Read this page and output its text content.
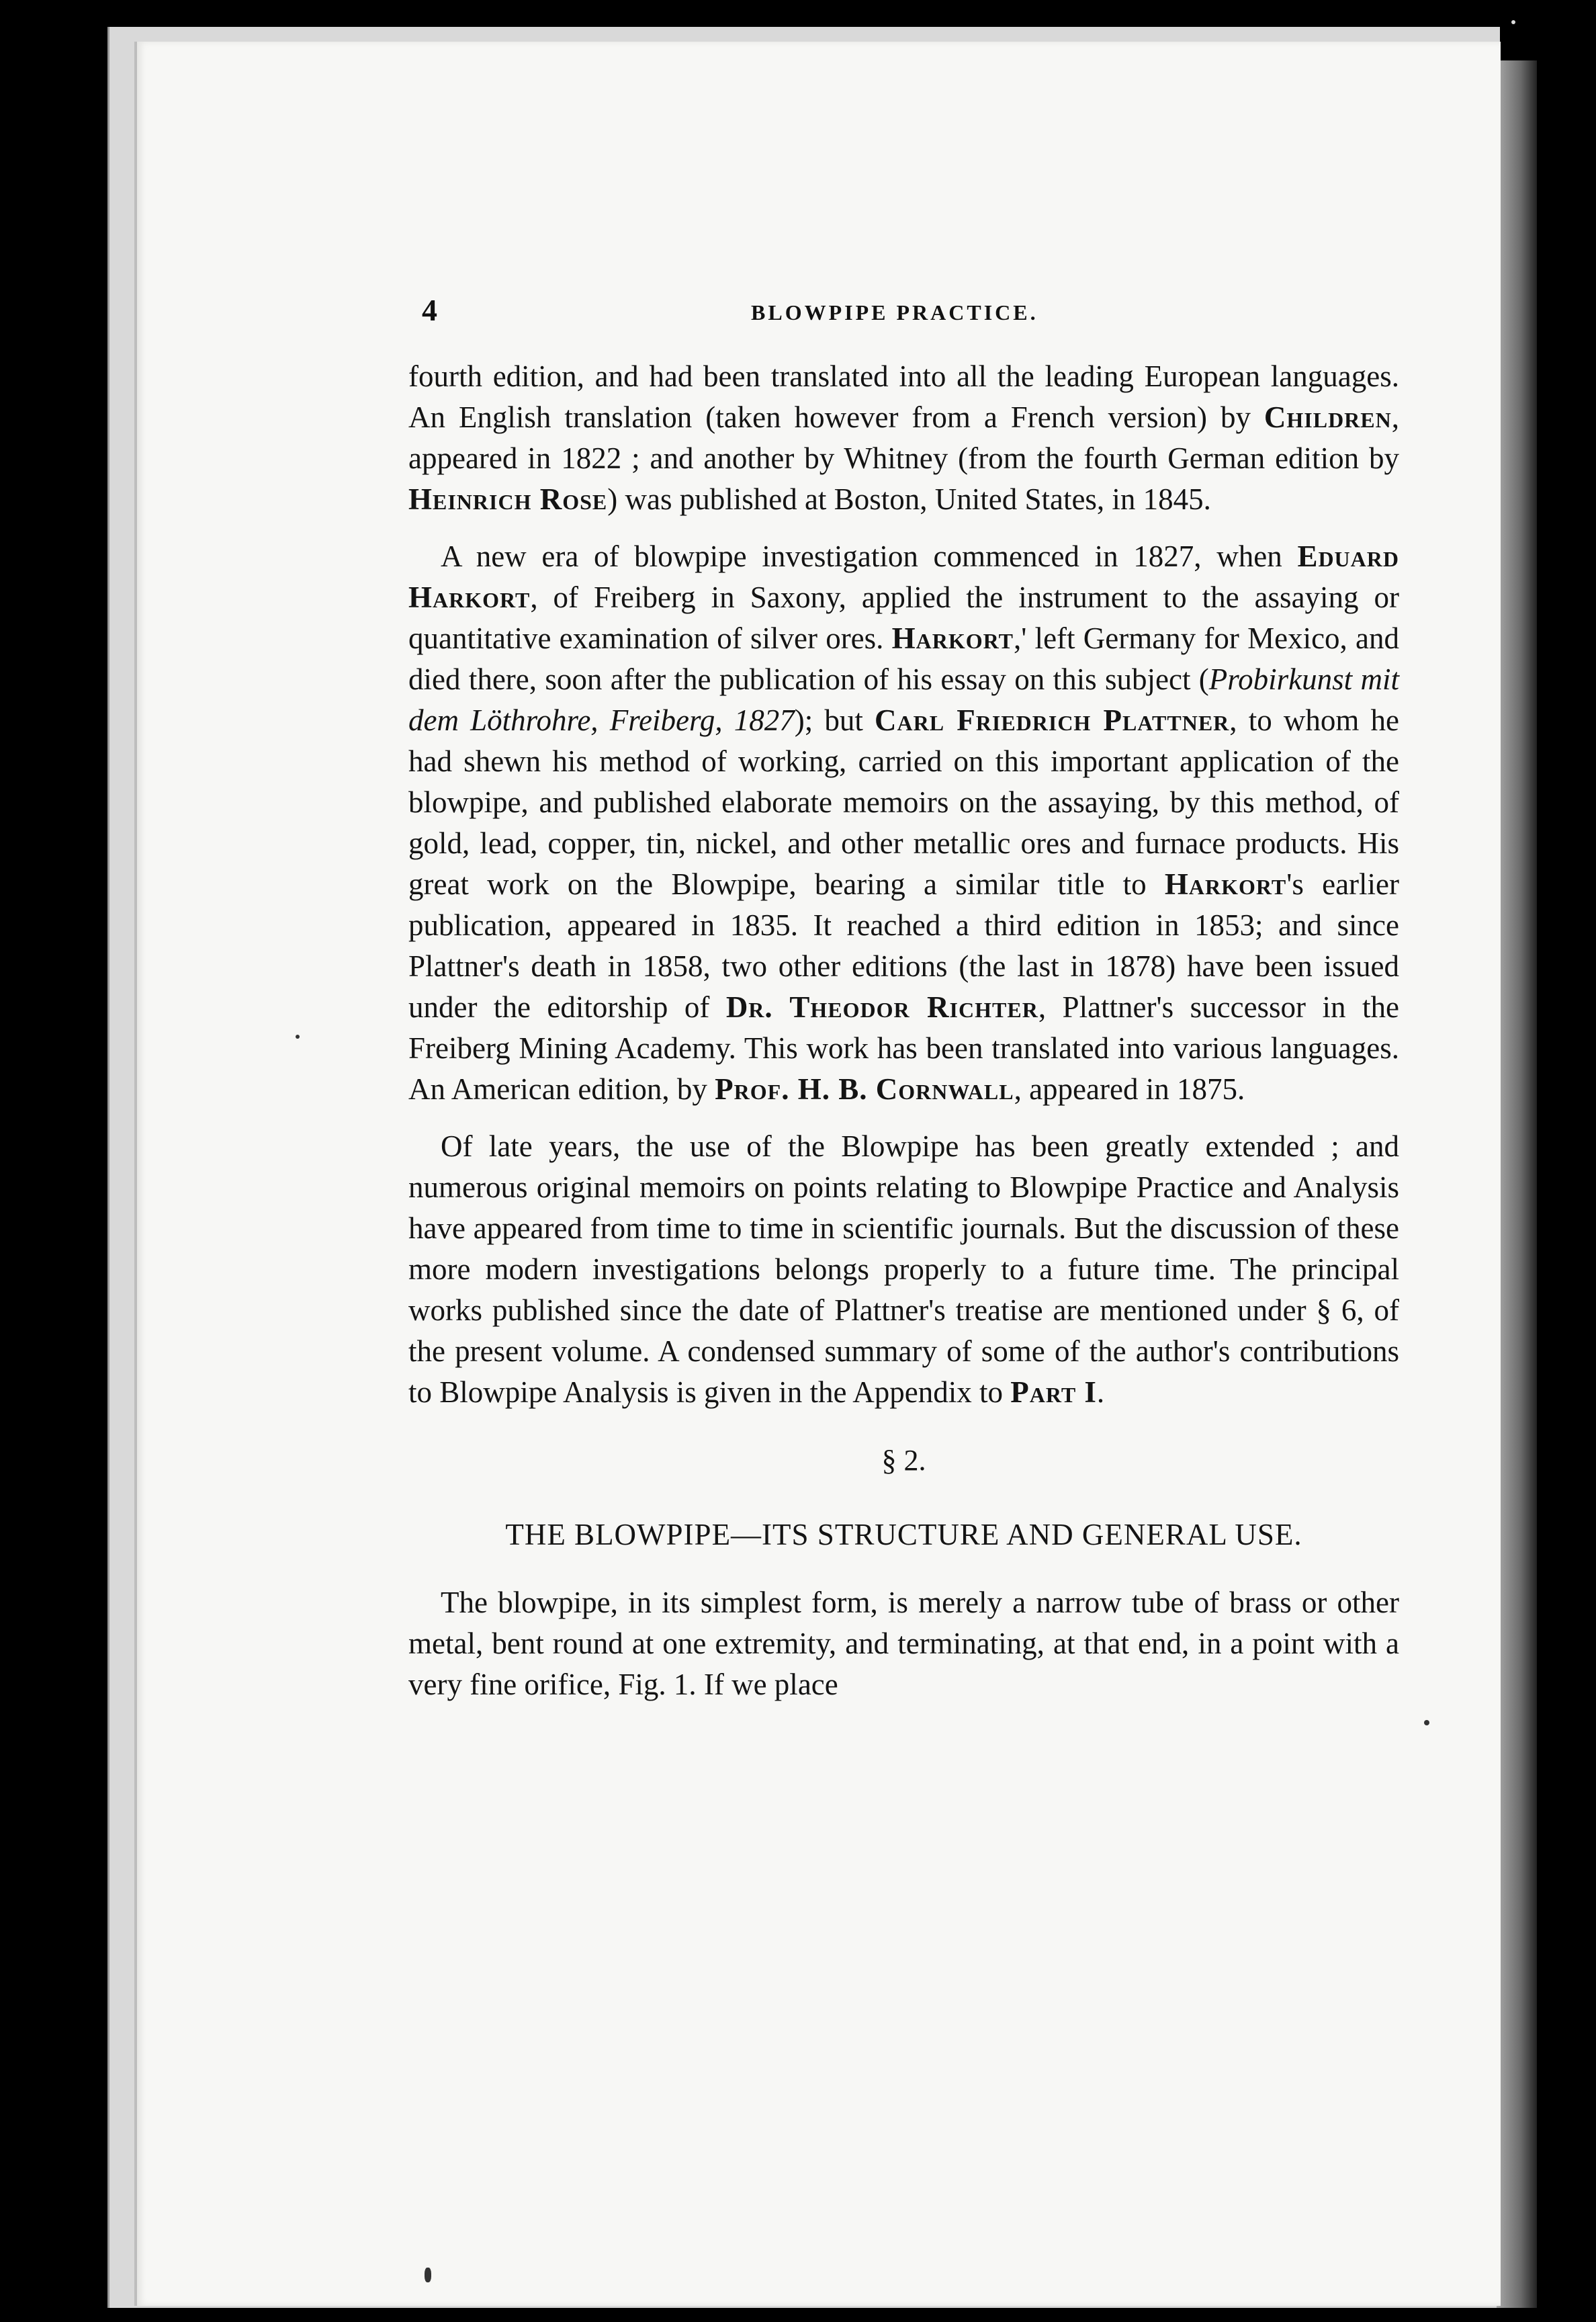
4	BLOWPIPE PRACTICE.

fourth edition, and had been translated into all the leading European languages. An English translation (taken however from a French version) by Children, appeared in 1822 ; and another by Whitney (from the fourth German edition by Heinrich Rose) was published at Boston, United States, in 1845.

A new era of blowpipe investigation commenced in 1827, when Eduard Harkort, of Freiberg in Saxony, applied the instrument to the assaying or quantitative examination of silver ores. Harkort,' left Germany for Mexico, and died there, soon after the publication of his essay on this subject (Probirkunst mit dem Löthrohre, Freiberg, 1827); but Carl Friedrich Plattner, to whom he had shewn his method of working, carried on this important application of the blowpipe, and published elaborate memoirs on the assaying, by this method, of gold, lead, copper, tin, nickel, and other metallic ores and furnace products. His great work on the Blowpipe, bearing a similar title to Harkort's earlier publication, appeared in 1835. It reached a third edition in 1853; and since Plattner's death in 1858, two other editions (the last in 1878) have been issued under the editorship of Dr. Theodor Richter, Plattner's successor in the Freiberg Mining Academy. This work has been translated into various languages. An American edition, by Prof. H. B. Cornwall, appeared in 1875.

Of late years, the use of the Blowpipe has been greatly extended ; and numerous original memoirs on points relating to Blowpipe Practice and Analysis have appeared from time to time in scientific journals. But the discussion of these more modern investigations belongs properly to a future time. The principal works published since the date of Plattner's treatise are mentioned under § 6, of the present volume. A condensed summary of some of the author's contributions to Blowpipe Analysis is given in the Appendix to Part I.

§ 2.
THE BLOWPIPE—ITS STRUCTURE AND GENERAL USE.

The blowpipe, in its simplest form, is merely a narrow tube of brass or other metal, bent round at one extremity, and terminating, at that end, in a point with a very fine orifice, Fig. 1. If we place
